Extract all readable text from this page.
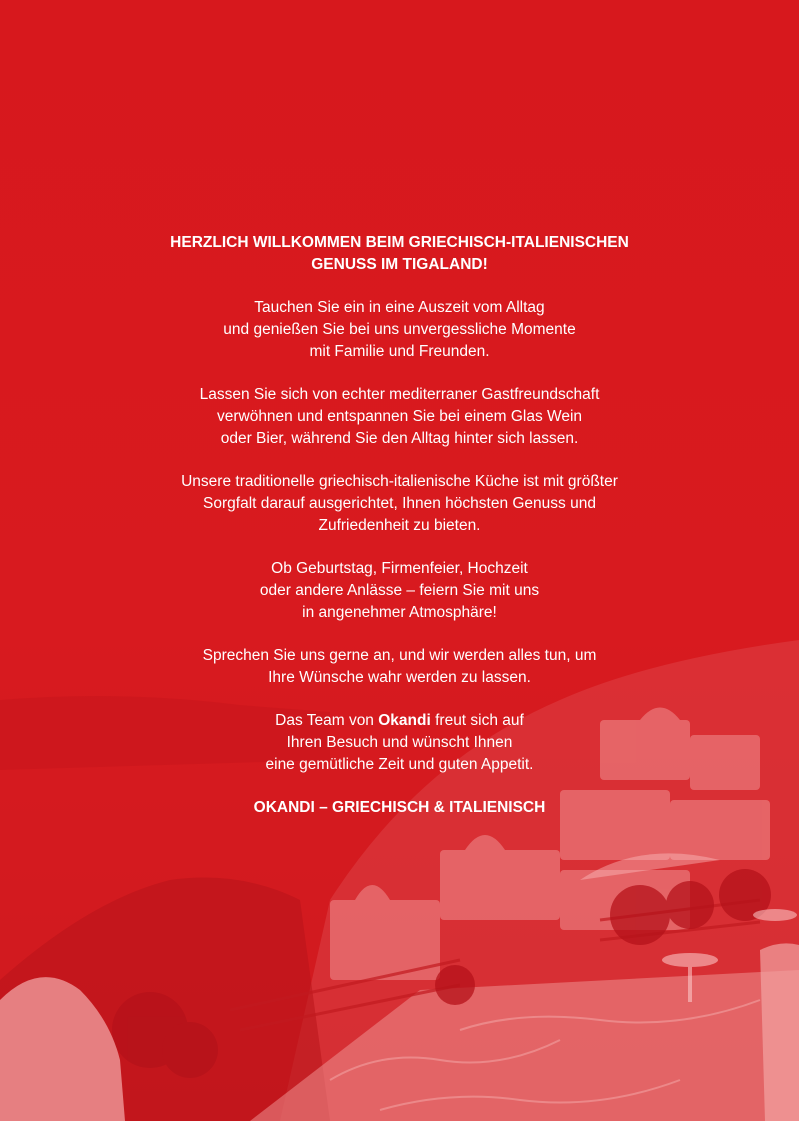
HERZLICH WILLKOMMEN BEIM GRIECHISCH-ITALIENISCHEN
GENUSS IM TIGALAND!

Tauchen Sie ein in eine Auszeit vom Alltag
und genießen Sie bei uns unvergessliche Momente
mit Familie und Freunden.

Lassen Sie sich von echter mediterraner Gastfreundschaft
verwöhnen und entspannen Sie bei einem Glas Wein
oder Bier, während Sie den Alltag hinter sich lassen.

Unsere traditionelle griechisch-italienische Küche ist mit größter
Sorgfalt darauf ausgerichtet, Ihnen höchsten Genuss und
Zufriedenheit zu bieten.

Ob Geburtstag, Firmenfeier, Hochzeit
oder andere Anlässe – feiern Sie mit uns
in angenehmer Atmosphäre!

Sprechen Sie uns gerne an, und wir werden alles tun, um
Ihre Wünsche wahr werden zu lassen.

Das Team von Okandi freut sich auf
Ihren Besuch und wünscht Ihnen
eine gemütliche Zeit und guten Appetit.

OKANDI – GRIECHISCH & ITALIENISCH
